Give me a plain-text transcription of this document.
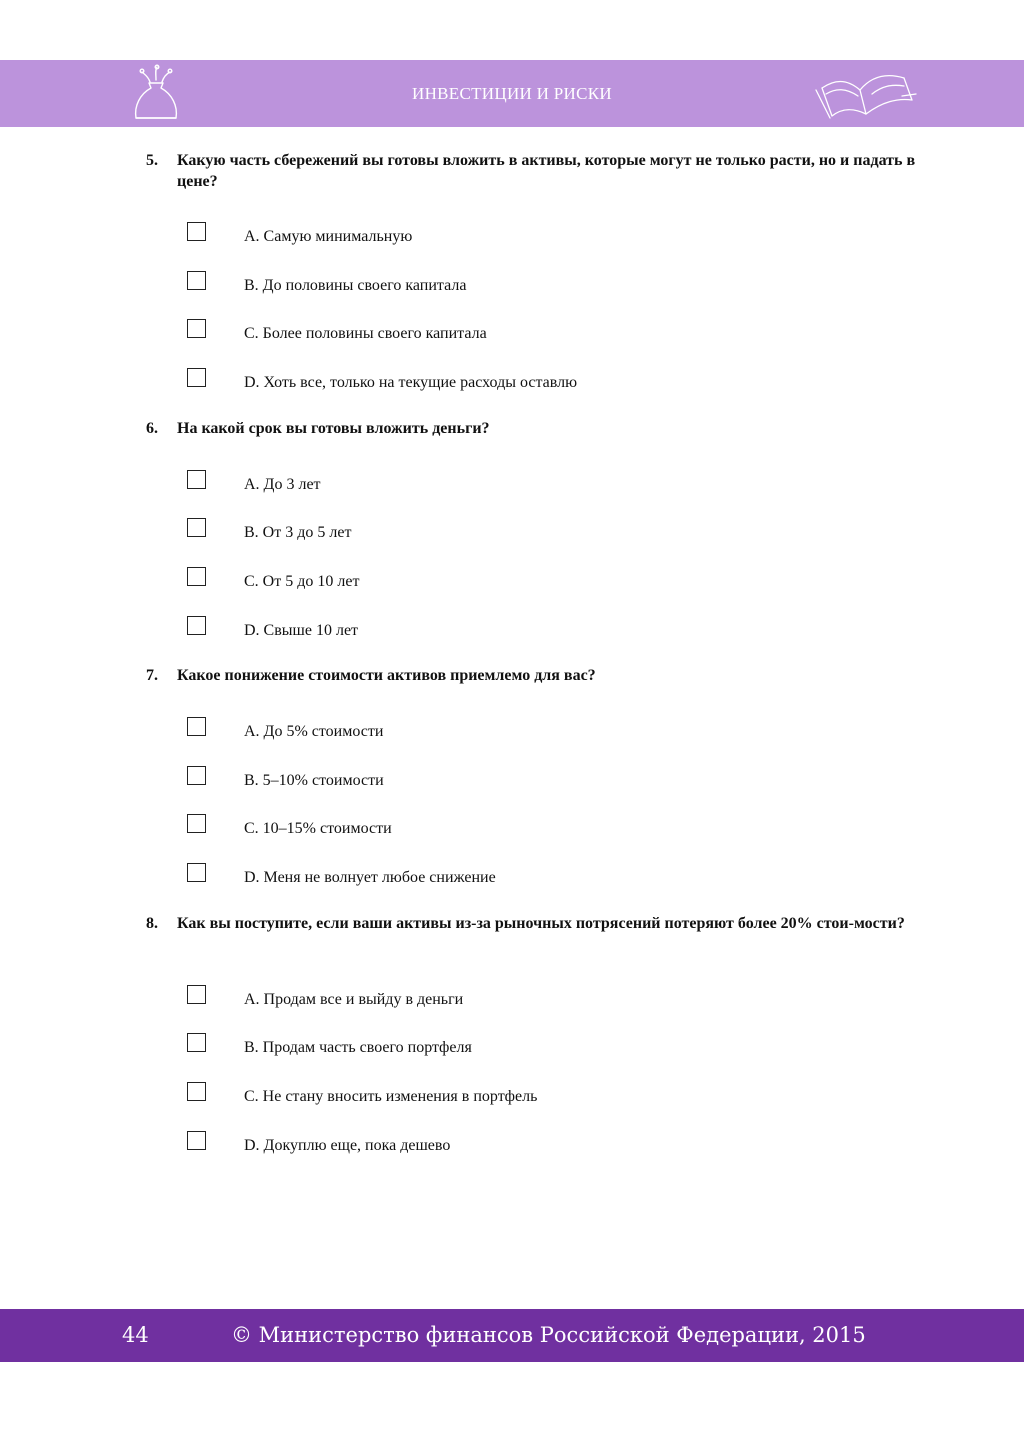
ИНВЕСТИЦИИ И РИСКИ
5. Какую часть сбережений вы готовы вложить в активы, которые могут не только расти, но и падать в цене?
A. Самую минимальную
B. До половины своего капитала
C. Более половины своего капитала
D. Хоть все, только на текущие расходы оставлю
6. На какой срок вы готовы вложить деньги?
A. До 3 лет
B. От 3 до 5 лет
C. От 5 до 10 лет
D. Свыше 10 лет
7. Какое понижение стоимости активов приемлемо для вас?
A. До 5% стоимости
B. 5–10% стоимости
C. 10–15% стоимости
D. Меня не волнует любое снижение
8. Как вы поступите, если ваши активы из-за рыночных потрясений потеряют более 20% стои-мости?
A. Продам все и выйду в деньги
B. Продам часть своего портфеля
C. Не стану вносить изменения в портфель
D. Докуплю еще, пока дешево
44	© Министерство финансов Российской Федерации, 2015
